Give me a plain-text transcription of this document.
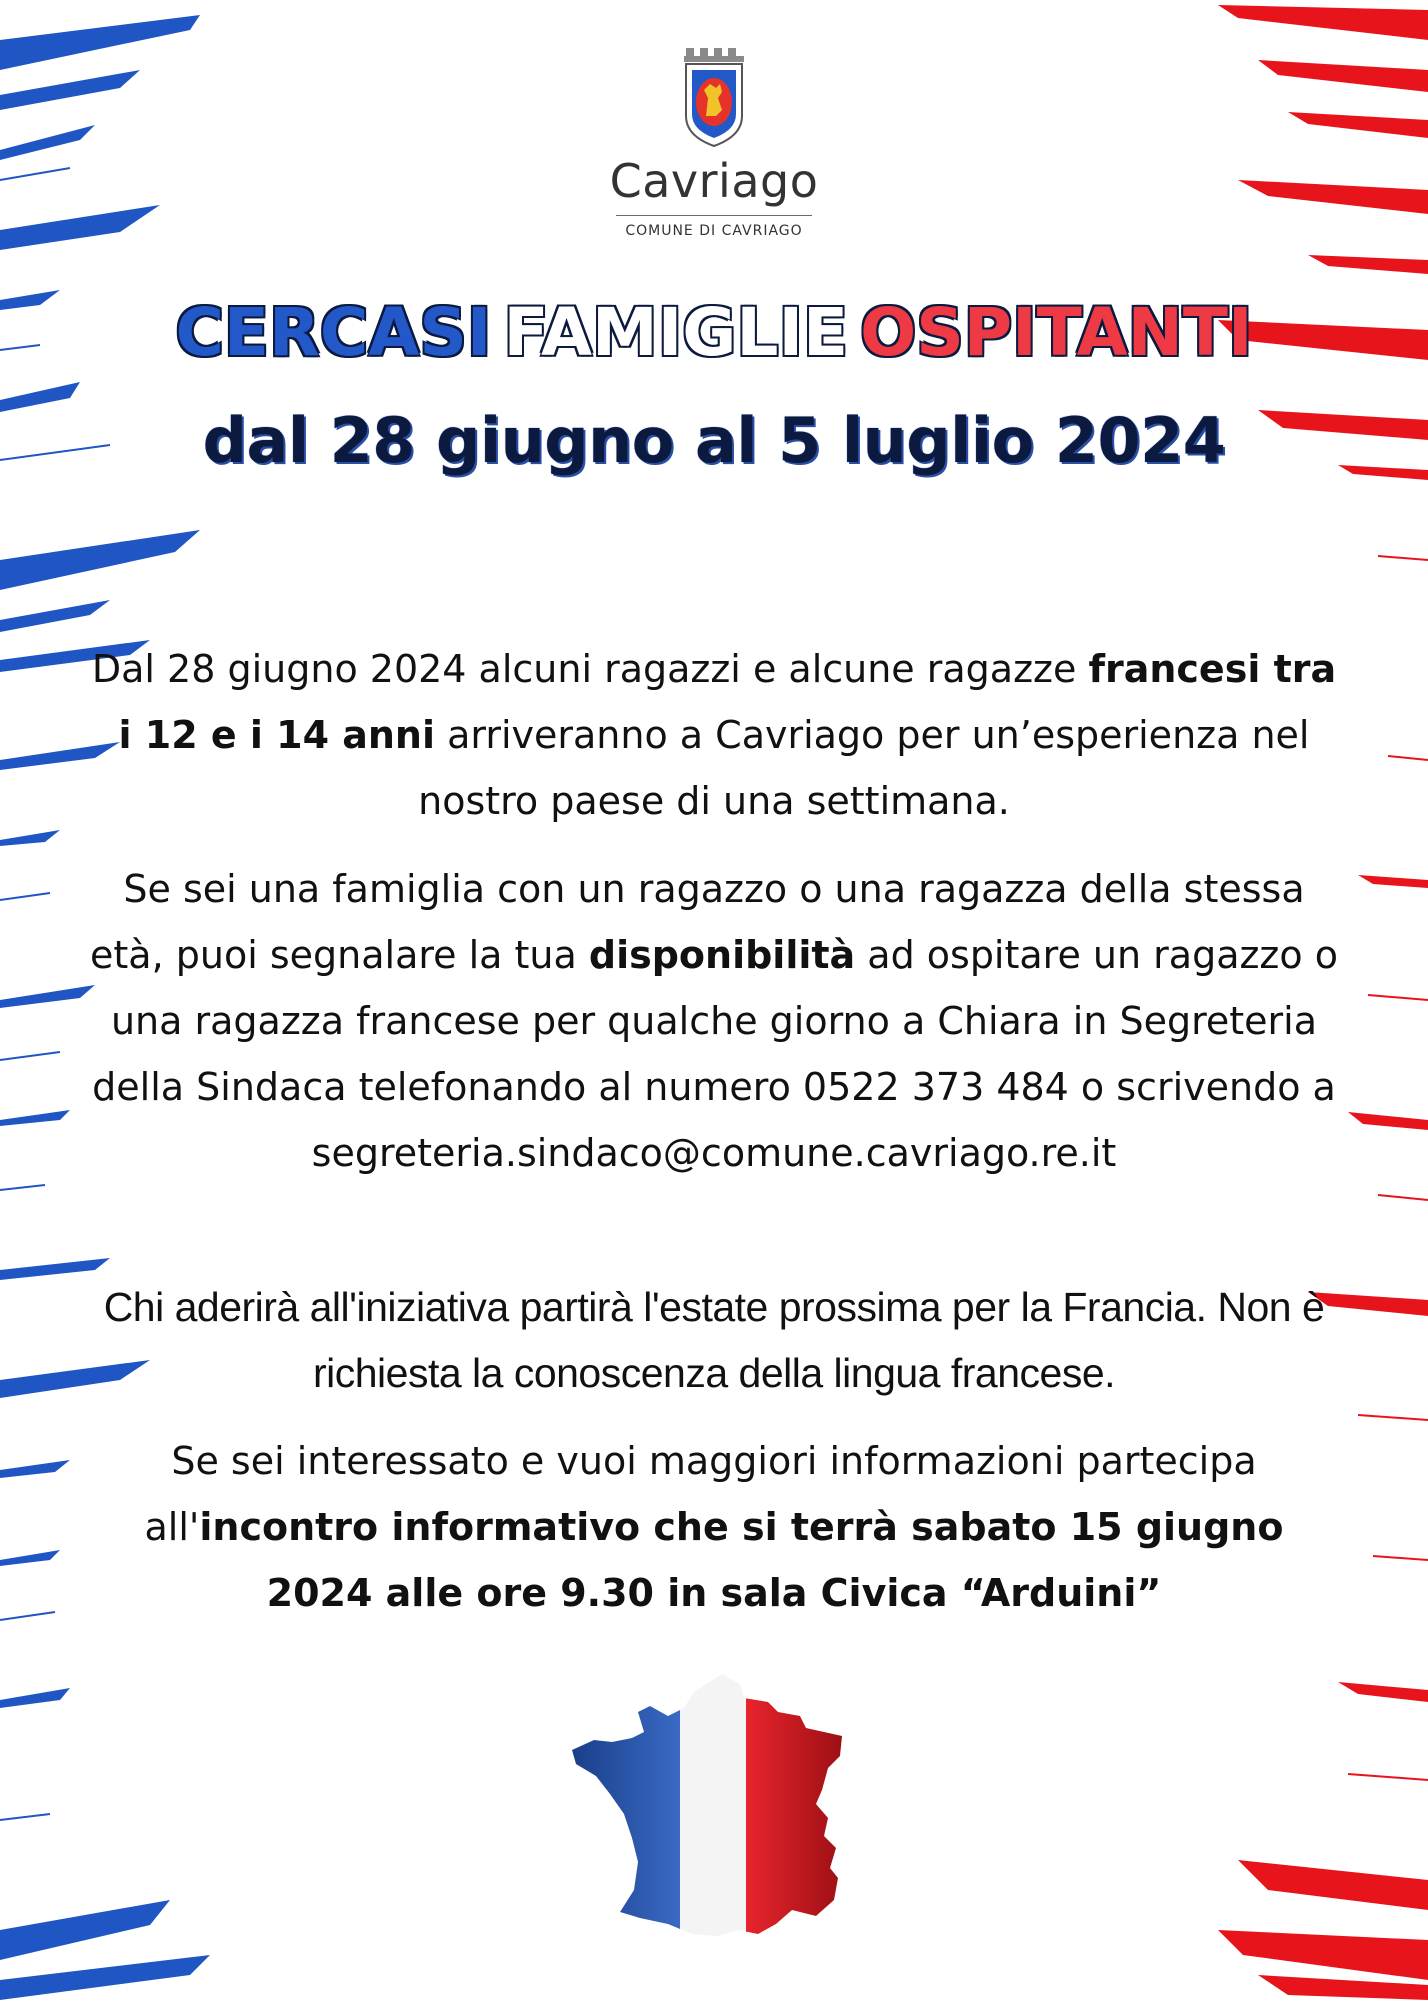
Cavriago
COMUNE DI CAVRIAGO
CERCASI FAMIGLIE OSPITANTI
dal 28 giugno al 5 luglio 2024
Dal 28 giugno 2024 alcuni ragazzi e alcune ragazze francesi tra i 12 e i 14 anni arriveranno a Cavriago per un’esperienza nel nostro paese di una settimana.
Se sei una famiglia con un ragazzo o una ragazza della stessa età, puoi segnalare la tua disponibilità ad ospitare un ragazzo o una ragazza francese per qualche giorno a Chiara in Segreteria della Sindaca telefonando al numero 0522 373 484 o scrivendo a segreteria.sindaco@comune.cavriago.re.it
Chi aderirà all'iniziativa partirà l'estate prossima per la Francia. Non è richiesta la conoscenza della lingua francese.
Se sei interessato e vuoi maggiori informazioni partecipa all'incontro informativo che si terrà sabato 15 giugno 2024 alle ore 9.30 in sala Civica “Arduini”
